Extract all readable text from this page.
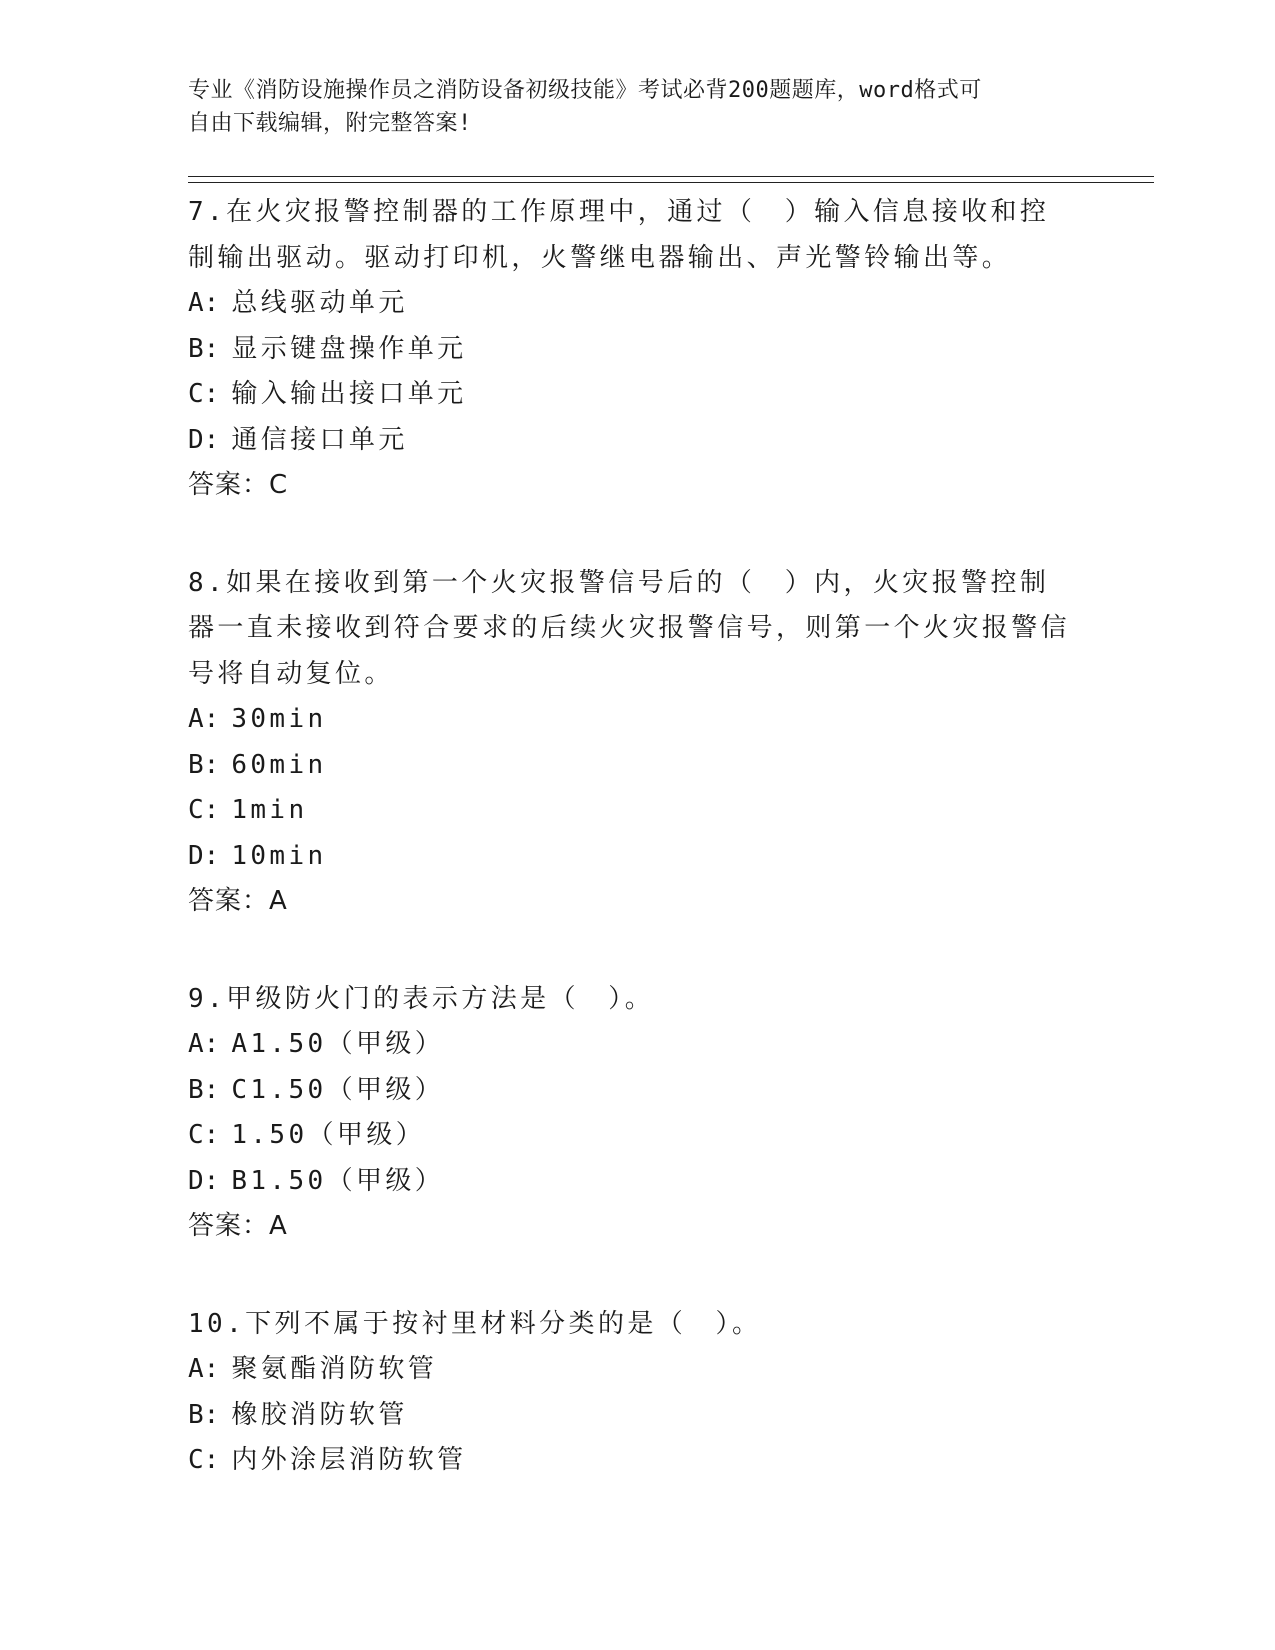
专业《消防设施操作员之消防设备初级技能》考试必背200题题库，word格式可
自由下载编辑，附完整答案!

7.在火灾报警控制器的工作原理中，通过（　）输入信息接收和控制输出驱动。驱动打印机，火警继电器输出、声光警铃输出等。

A: 总线驱动单元

B: 显示键盘操作单元

C: 输入输出接口单元

D: 通信接口单元

答案：C

8.如果在接收到第一个火灾报警信号后的（　）内，火灾报警控制器一直未接收到符合要求的后续火灾报警信号，则第一个火灾报警信号将自动复位。

A: 30min

B: 60min

C: 1min

D: 10min

答案：A

9.甲级防火门的表示方法是（　）。

A: A1.50（甲级）

B: C1.50（甲级）

C: 1.50（甲级）

D: B1.50（甲级）

答案：A

10.下列不属于按衬里材料分类的是（　）。

A: 聚氨酯消防软管

B: 橡胶消防软管

C: 内外涂层消防软管
